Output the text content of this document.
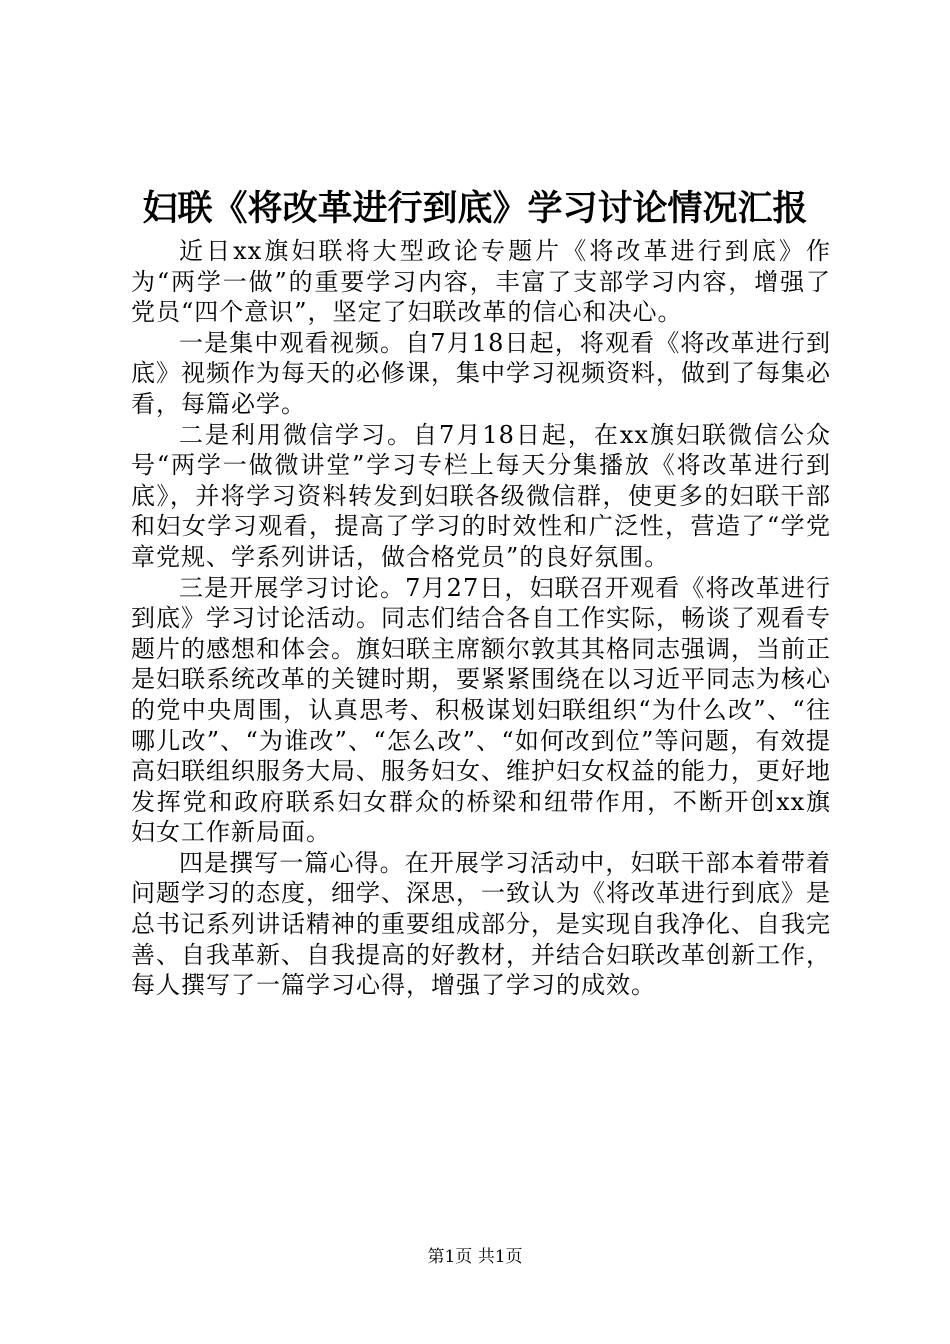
妇联《将改革进行到底》学习讨论情况汇报

近日xx旗妇联将大型政论专题片《将改革进行到底》作为“两学一做”的重要学习内容，丰富了支部学习内容，增强了党员“四个意识”，坚定了妇联改革的信心和决心。

一是集中观看视频。自7月18日起，将观看《将改革进行到底》视频作为每天的必修课，集中学习视频资料，做到了每集必看，每篇必学。

二是利用微信学习。自7月18日起，在xx旗妇联微信公众号“两学一做微讲堂”学习专栏上每天分集播放《将改革进行到底》，并将学习资料转发到妇联各级微信群，使更多的妇联干部和妇女学习观看，提高了学习的时效性和广泛性，营造了“学党章党规、学系列讲话，做合格党员”的良好氛围。

三是开展学习讨论。7月27日，妇联召开观看《将改革进行到底》学习讨论活动。同志们结合各自工作实际，畅谈了观看专题片的感想和体会。旗妇联主席额尔敦其其格同志强调，当前正是妇联系统改革的关键时期，要紧紧围绕在以习近平同志为核心的党中央周围，认真思考、积极谋划妇联组织“为什么改”、“往哪儿改”、“为谁改”、“怎么改”、“如何改到位”等问题，有效提高妇联组织服务大局、服务妇女、维护妇女权益的能力，更好地发挥党和政府联系妇女群众的桥梁和纽带作用，不断开创xx旗妇女工作新局面。

四是撰写一篇心得。在开展学习活动中，妇联干部本着带着问题学习的态度，细学、深思，一致认为《将改革进行到底》是总书记系列讲话精神的重要组成部分，是实现自我净化、自我完善、自我革新、自我提高的好教材，并结合妇联改革创新工作，每人撰写了一篇学习心得，增强了学习的成效。

第1页 共1页
